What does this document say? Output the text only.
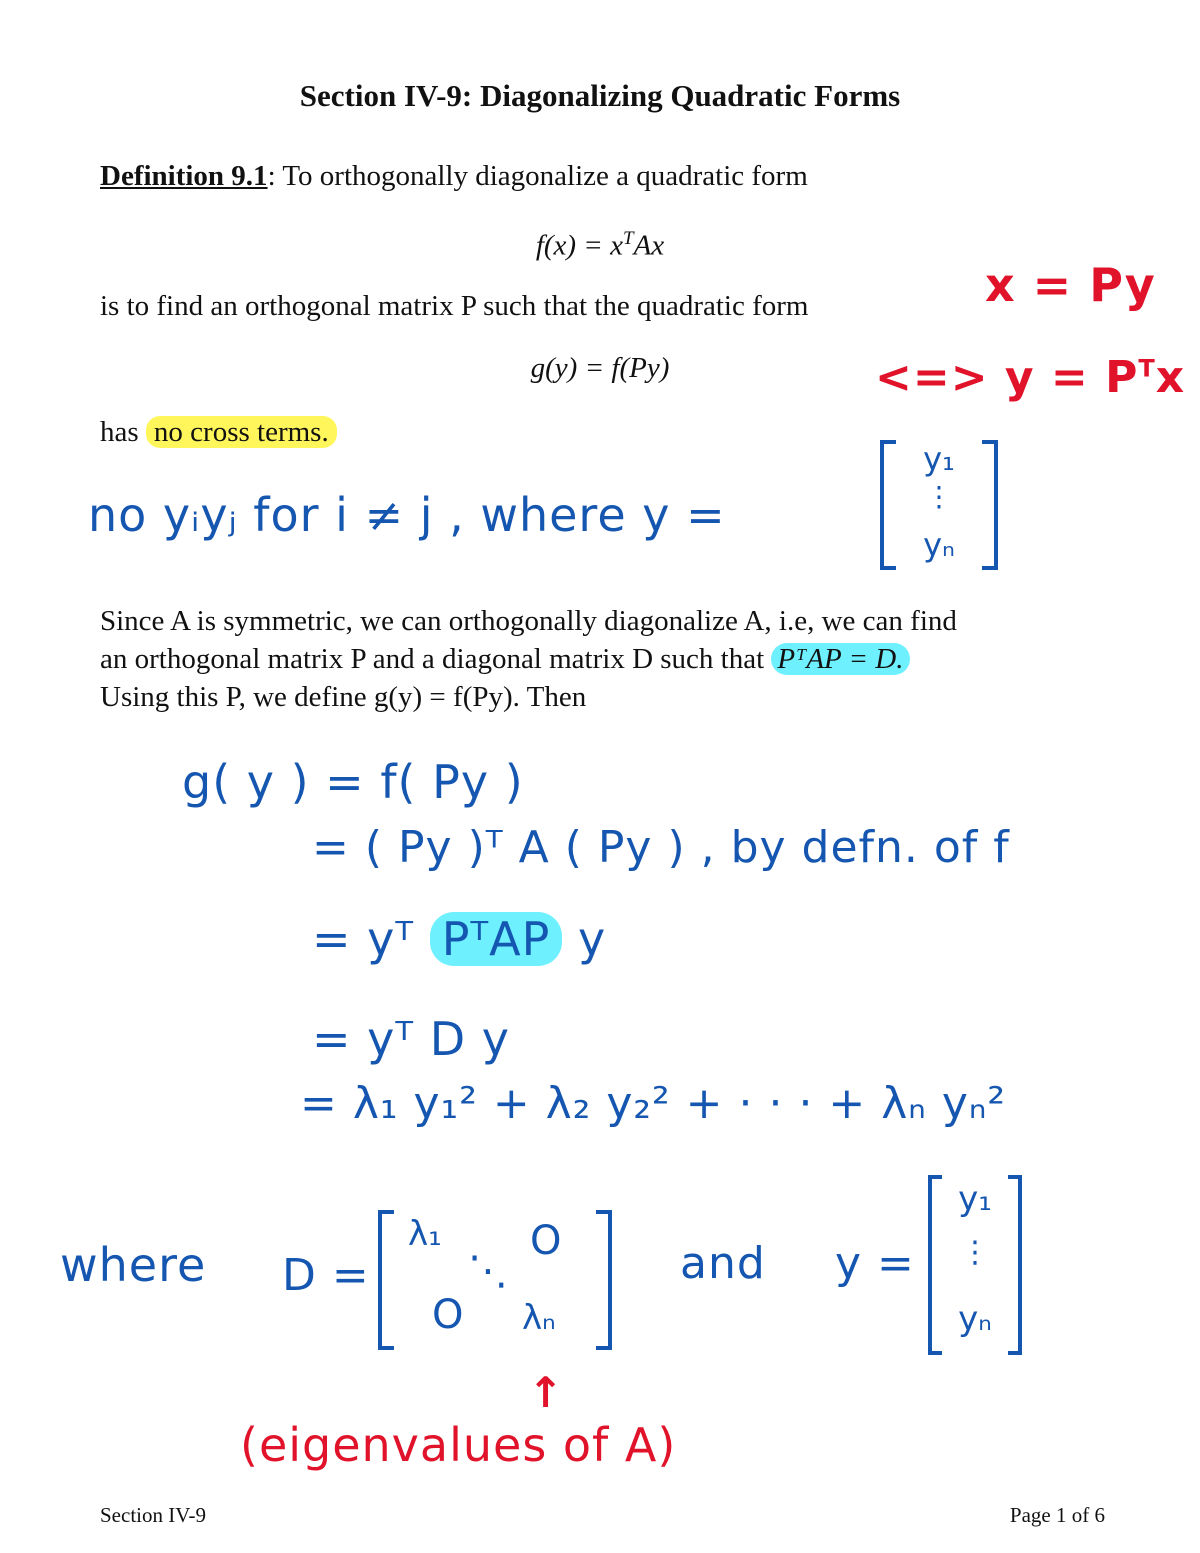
Section IV-9: Diagonalizing Quadratic Forms
Definition 9.1: To orthogonally diagonalize a quadratic form
$f(x) = x^TAx$
is to find an orthogonal matrix P such that the quadratic form
g(y) = f(Py)
has no cross terms.
x = Py
<=> $y = P^Tx$
no yᵢyⱼ for i ≠ j , where y =
y₁
⋮
yₙ
Since A is symmetric, we can orthogonally diagonalize A, i.e, we can find
an orthogonal matrix P and a diagonal matrix D such that PᵀAP = D.
Using this P, we define g(y) = f(Py). Then
g( y ) = f( Py )
= ( Py )ᵀ A ( Py ) , by defn. of f
= yᵀ PᵀAP y
= yᵀ D y
= λ₁ y₁² + λ₂ y₂² + · · · + λₙ yₙ²
where D =
λ₁ O
⋱
O λₙ
and y =
y₁
⋮
yₙ
↑
(eigenvalues of A)
Section IV-9	Page 1 of 6
